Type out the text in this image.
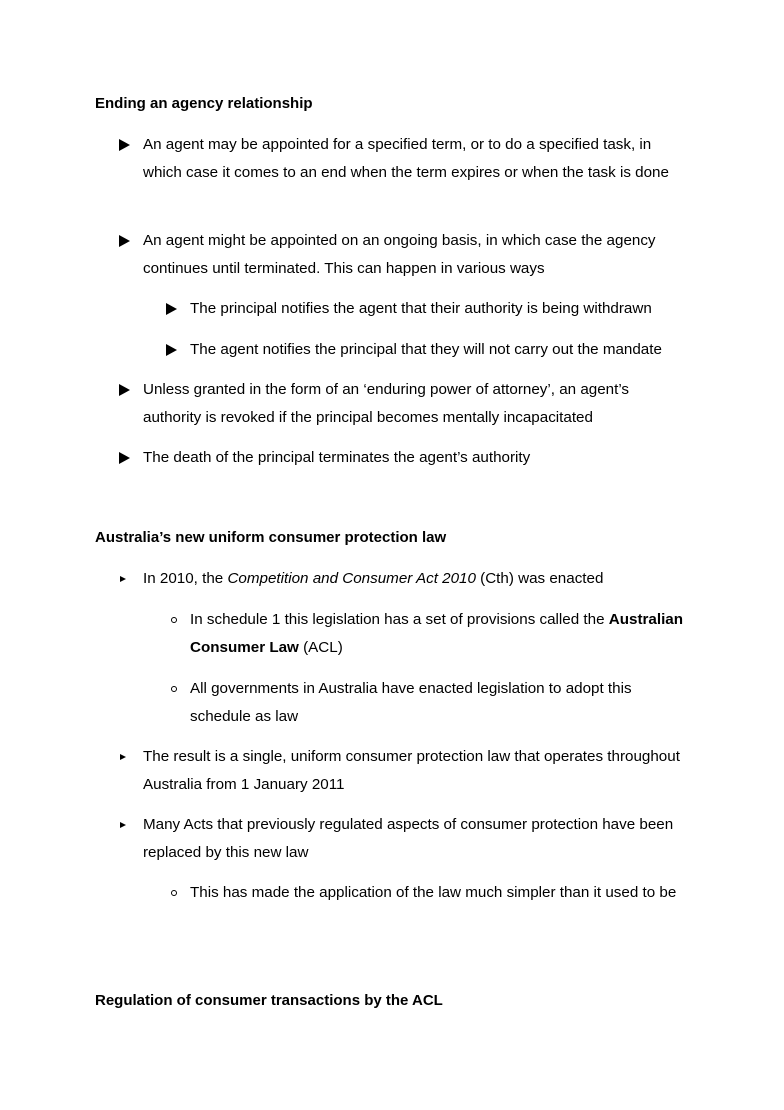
Ending an agency relationship
An agent may be appointed for a specified term, or to do a specified task, in which case it comes to an end when the term expires or when the task is done
An agent might be appointed on an ongoing basis, in which case the agency continues until terminated. This can happen in various ways
The principal notifies the agent that their authority is being withdrawn
The agent notifies the principal that they will not carry out the mandate
Unless granted in the form of an ‘enduring power of attorney’, an agent’s authority is revoked if the principal becomes mentally incapacitated
The death of the principal terminates the agent’s authority
Australia’s new uniform consumer protection law
In 2010, the Competition and Consumer Act 2010 (Cth) was enacted
In schedule 1 this legislation has a set of provisions called the Australian Consumer Law (ACL)
All governments in Australia have enacted legislation to adopt this schedule as law
The result is a single, uniform consumer protection law that operates throughout Australia from 1 January 2011
Many Acts that previously regulated aspects of consumer protection have been replaced by this new law
This has made the application of the law much simpler than it used to be
Regulation of consumer transactions by the ACL
